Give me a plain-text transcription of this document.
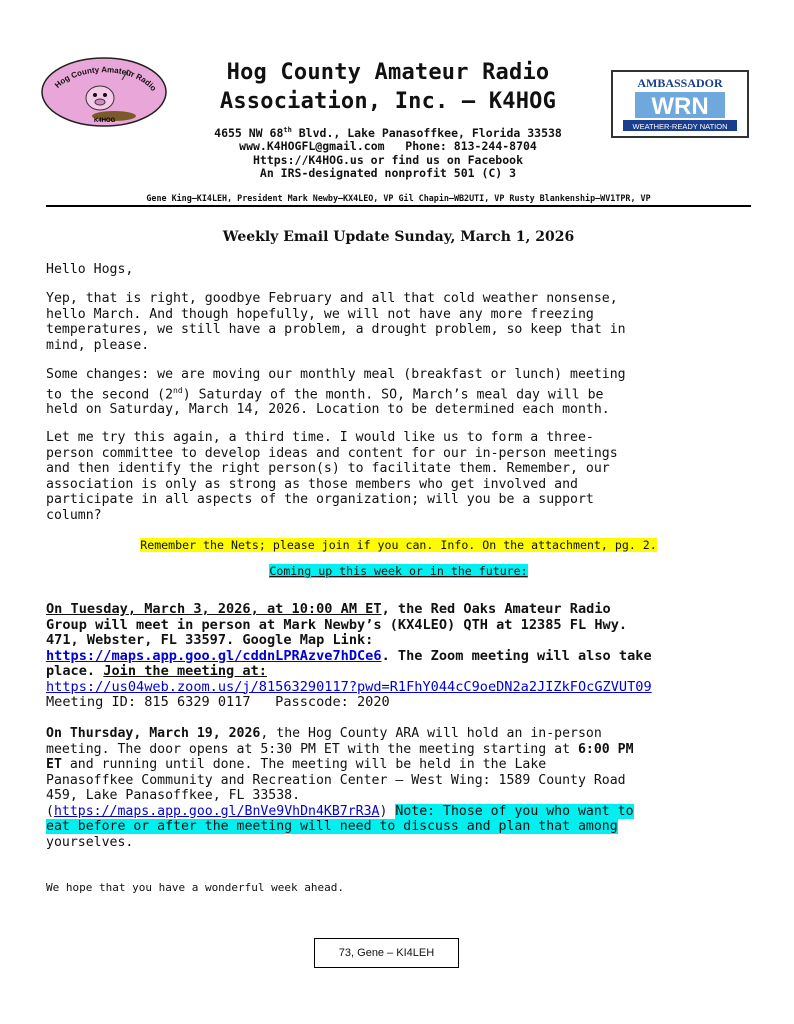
Hog County Amateur Radio
K4HOG
Hog County Amateur Radio
Association, Inc. – K4HOG
4655 NW 68th Blvd., Lake Panasoffkee, Florida 33538
www.K4HOGFL@gmail.com   Phone: 813-244-8704
Https://K4HOG.us or find us on Facebook
An IRS-designated nonprofit 501 (C) 3
AMBASSADOR
WRN
WEATHER-READY NATION
Gene King–KI4LEH, President Mark Newby–KX4LEO, VP Gil Chapin–WB2UTI, VP Rusty Blankenship–WV1TPR, VP
Weekly Email Update Sunday, March 1, 2026
Hello Hogs,
Yep, that is right, goodbye February and all that cold weather nonsense,
hello March. And though hopefully, we will not have any more freezing
temperatures, we still have a problem, a drought problem, so keep that in
mind, please.
Some changes: we are moving our monthly meal (breakfast or lunch) meeting
to the second (2nd) Saturday of the month. SO, March’s meal day will be
held on Saturday, March 14, 2026. Location to be determined each month.
Let me try this again, a third time. I would like us to form a three-
person committee to develop ideas and content for our in-person meetings
and then identify the right person(s) to facilitate them. Remember, our
association is only as strong as those members who get involved and
participate in all aspects of the organization; will you be a support
column?
Remember the Nets; please join if you can. Info. On the attachment, pg. 2.
Coming up this week or in the future:
On Tuesday, March 3, 2026, at 10:00 AM ET, the Red Oaks Amateur Radio
Group will meet in person at Mark Newby’s (KX4LEO) QTH at 12385 FL Hwy.
471, Webster, FL 33597. Google Map Link:
https://maps.app.goo.gl/cddnLPRAzve7hDCe6. The Zoom meeting will also take
place. Join the meeting at:
https://us04web.zoom.us/j/81563290117?pwd=R1FhY044cC9oeDN2a2JIZkFOcGZVUT09
Meeting ID: 815 6329 0117   Passcode: 2020
On Thursday, March 19, 2026, the Hog County ARA will hold an in-person
meeting. The door opens at 5:30 PM ET with the meeting starting at 6:00 PM
ET and running until done. The meeting will be held in the Lake
Panasoffkee Community and Recreation Center – West Wing: 1589 County Road
459, Lake Panasoffkee, FL 33538.
(https://maps.app.goo.gl/BnVe9VhDn4KB7rR3A) Note: Those of you who want to
eat before or after the meeting will need to discuss and plan that among
yourselves.
We hope that you have a wonderful week ahead.
73, Gene – KI4LEH
